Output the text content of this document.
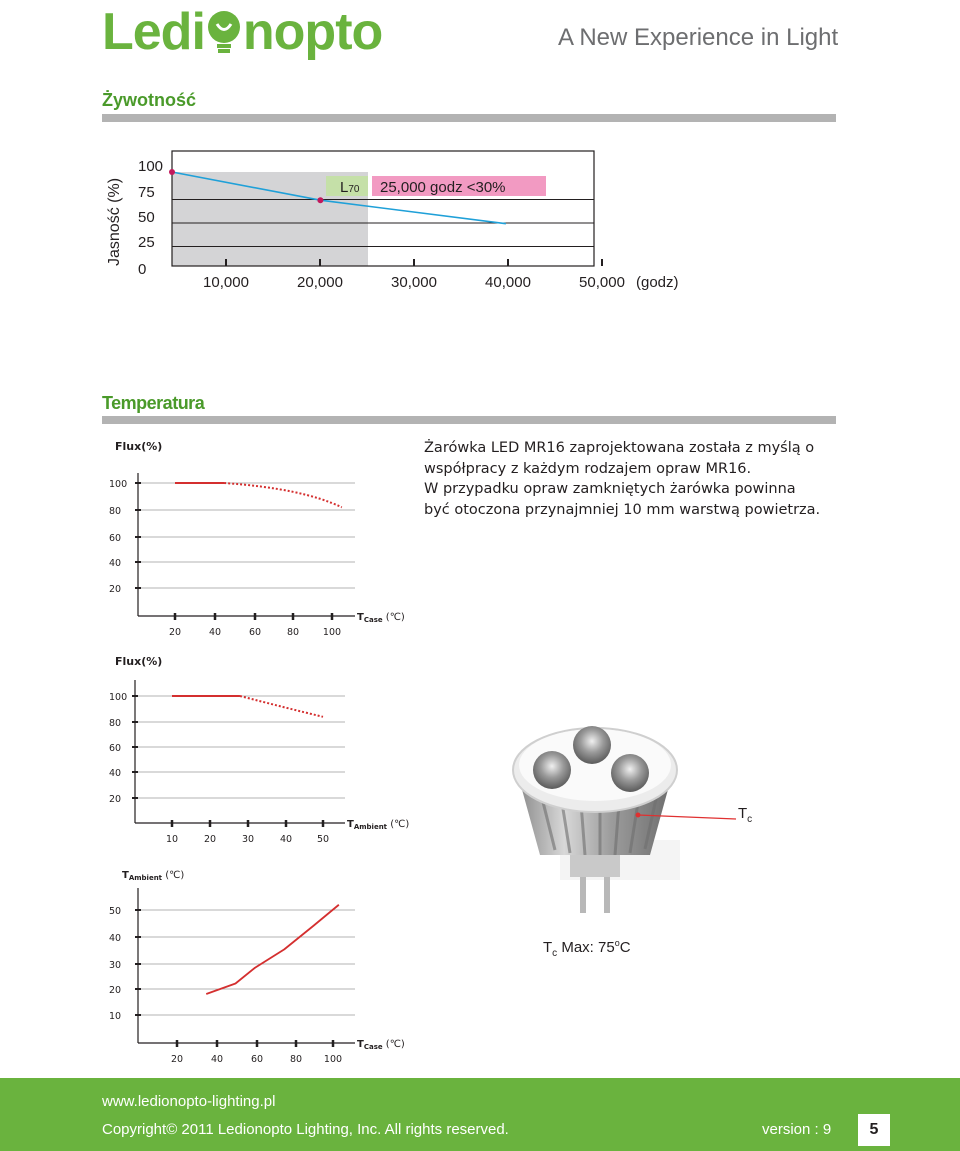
Ledi nopto	A New Experience in Light
Żywotność
Jasność (%)
100
75
50
25
0
L70 25,000 godz <30%
10,000	20,000	30,000	40,000	50,000 (godz)
Temperatura
Żarówka LED MR16 zaprojektowana została z myślą o
współpracy z każdym rodzajem opraw MR16.
W przypadku opraw zamkniętych żarówka powinna
być otoczona przynajmniej 10 mm warstwą powietrza.
Flux(%)
100
80
60
40
20
20	40	60	80	100
$T_{Case}$ (℃)
Flux(%)
100
80
60
40
20
10	20	30	40	50
$T_{Ambient}$ (℃)
$T_{Ambient}$ (℃)
50
40
30
20
10
20	40	60	80 100
$T_{Case}$ (℃)
$T_c$
$T_c$ Max: 75$^o$C
www.ledionopto-lighting.pl
Copyright© 2011 Ledionopto Lighting, Inc. All rights reserved.	version : 9	5
